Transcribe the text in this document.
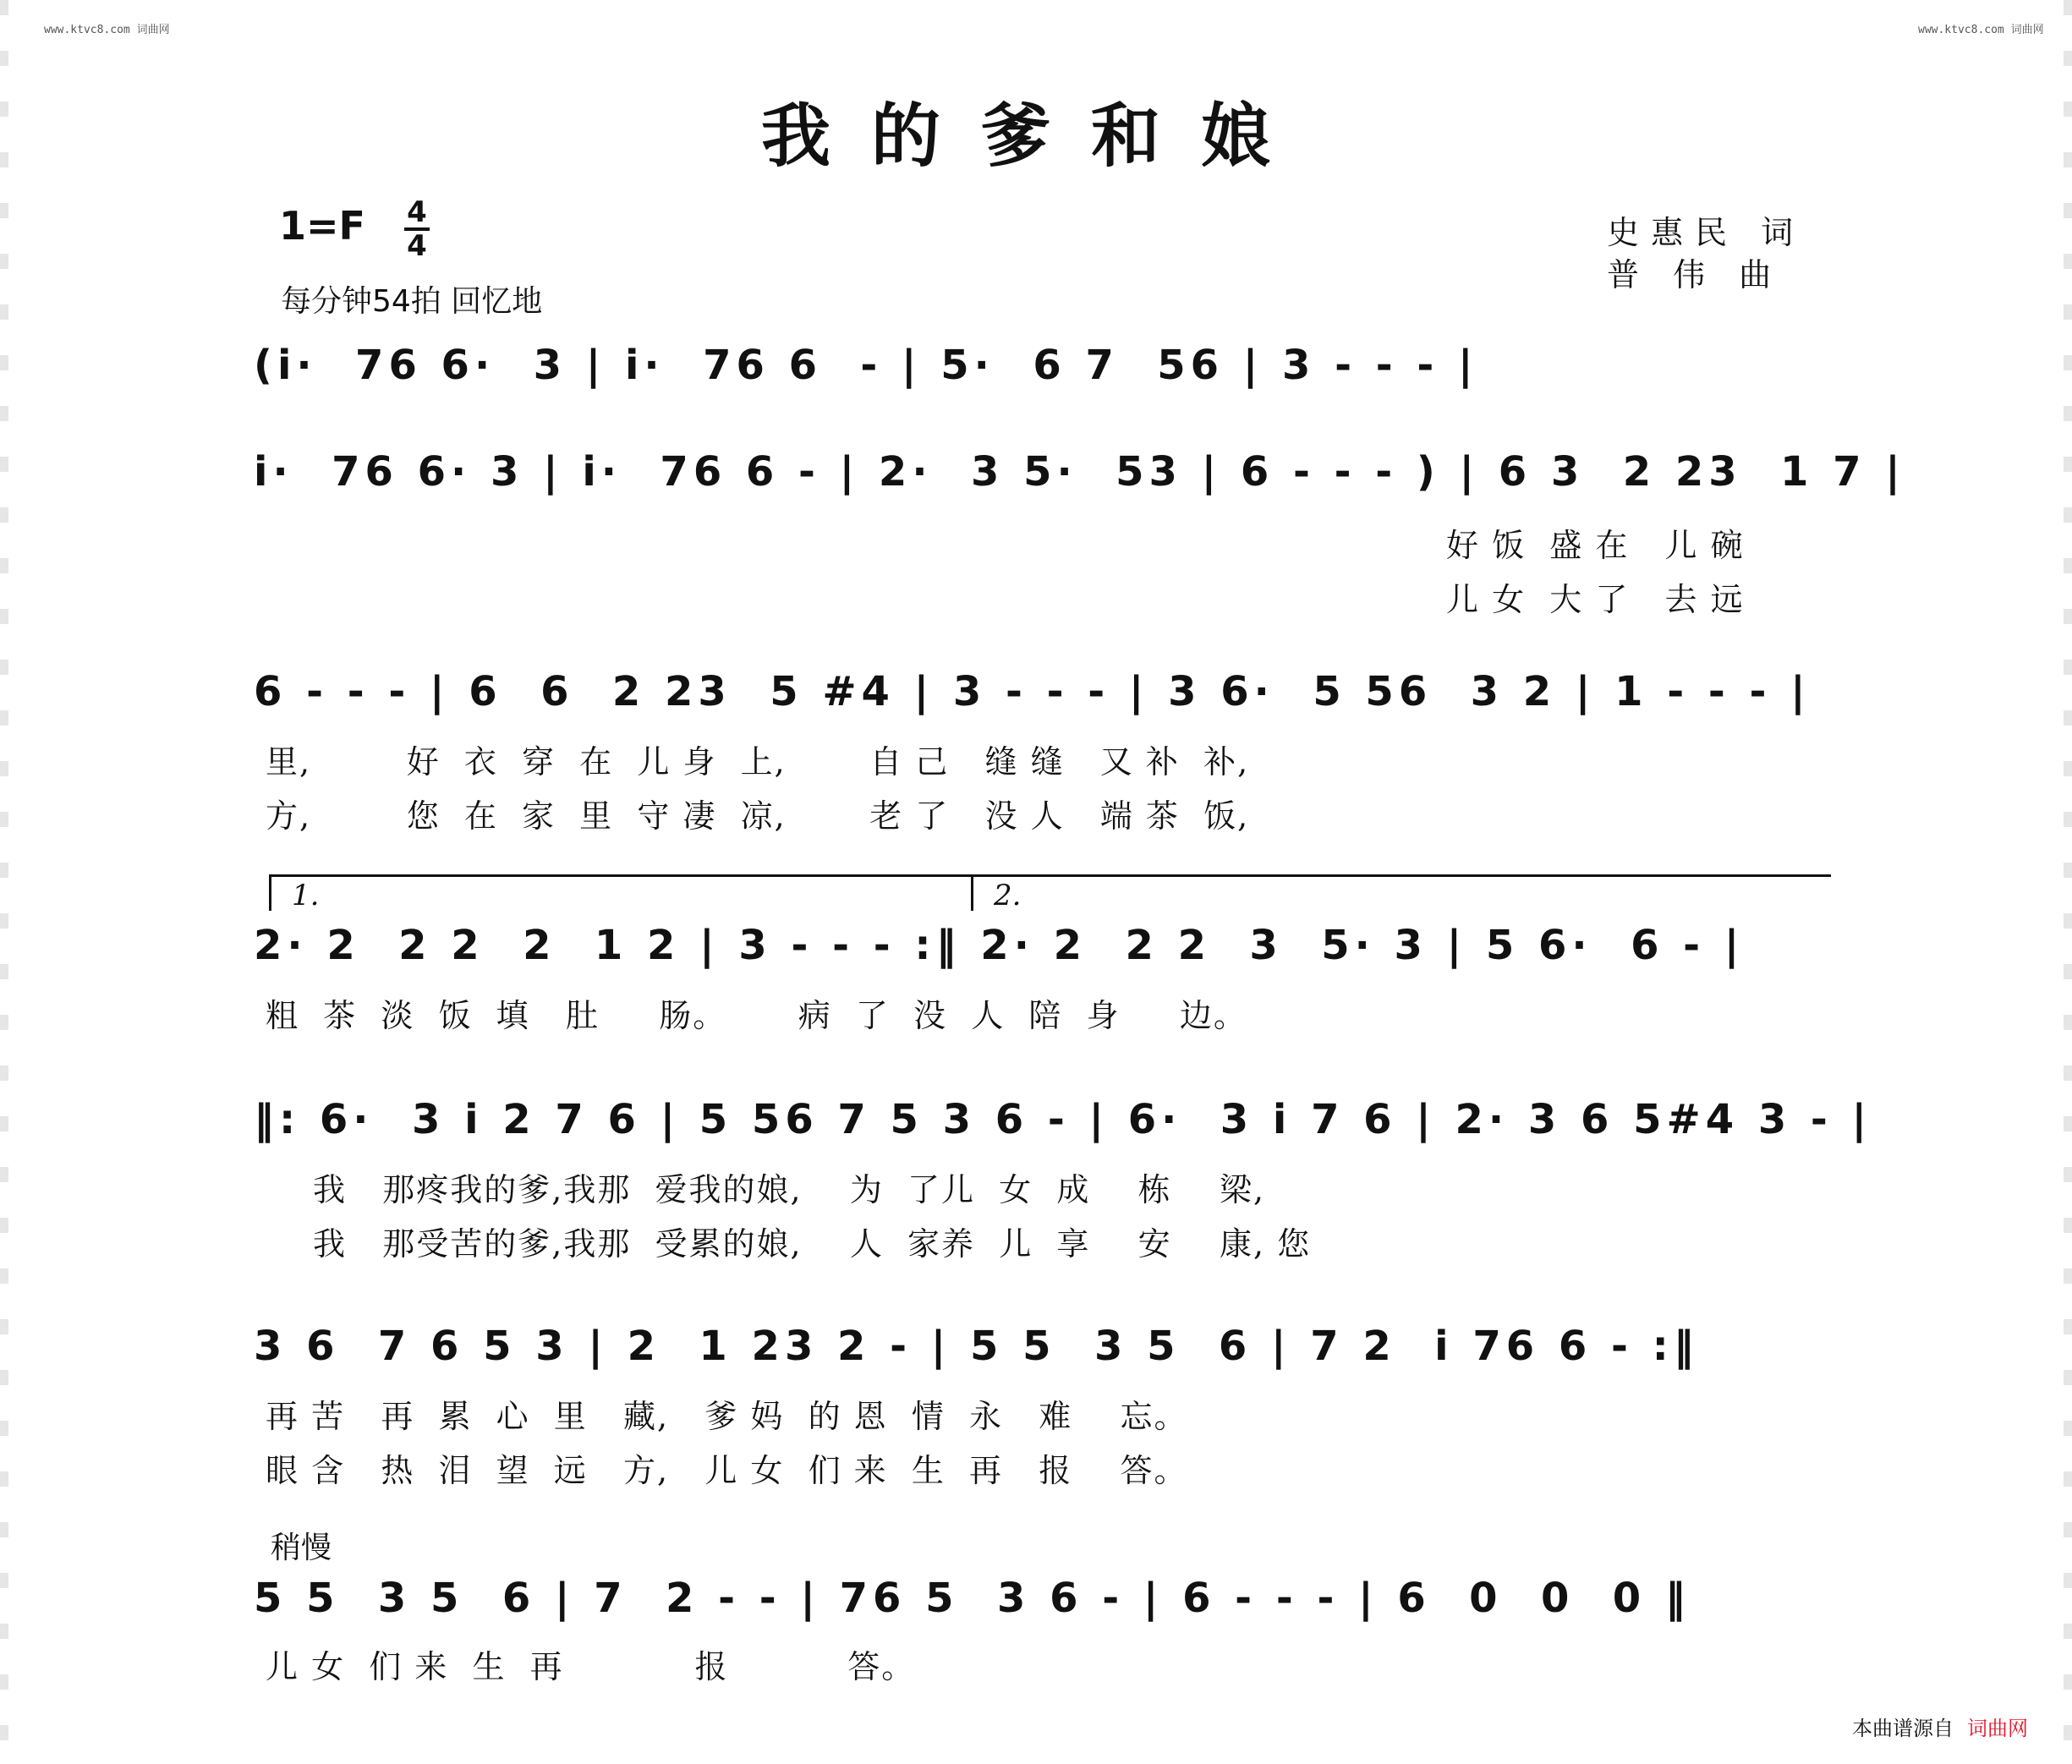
www.ktvc8.com 词曲网	www.ktvc8.com 词曲网
我的爹和娘
1=F 4
4
每分钟54拍 回忆地
史惠民 词
普 伟 曲
(i·  76 6·  3 | i·  76 6  - | 5·  6 7  56 | 3 - - - |
i·  76 6· 3 | i·  76 6 - | 2·  3 5·  53 | 6 - - - ) | 6 3  2 23  1 7 |
好 饭  盛 在   儿 碗
儿 女  大 了   去 远
6 - - - | 6  6  2 23  5 #4 | 3 - - - | 3 6·  5 56  3 2 | 1 - - - |
里,        好  衣  穿  在  儿 身  上,       自 己   缝 缝   又 补  补,
方,        您  在  家  里  守 凄  凉,       老 了   没 人   端 茶  饭,
1.	2.
2· 2  2 2  2  1 2 | 3 - - - :‖ 2· 2  2 2  3  5· 3 | 5 6·  6 - |
粗  茶  淡  饭  填   肚     肠。      病  了  没  人  陪  身     边。
‖: 6·  3 i 2 7 6 | 5 56 7 5 3 6 - | 6·  3 i 7 6 | 2· 3 6 5#4 3 - |
我   那疼我的爹,我那  爱我的娘,    为  了儿  女  成    栋    梁,
我   那受苦的爹,我那  受累的娘,    人  家养  儿  享    安    康, 您
3 6  7 6 5 3 | 2  1 23 2 - | 5 5  3 5  6 | 7 2  i 76 6 - :‖
再 苦   再  累  心  里   藏,   爹 妈  的 恩  情  永   难    忘。
眼 含   热  泪  望  远   方,   儿 女  们 来  生  再   报    答。
稍慢
5 5  3 5  6 | 7  2 - - | 76 5  3 6 - | 6 - - - | 6  0  0  0 ‖
儿 女  们 来  生  再           报          答。
本曲谱源自 词曲网
